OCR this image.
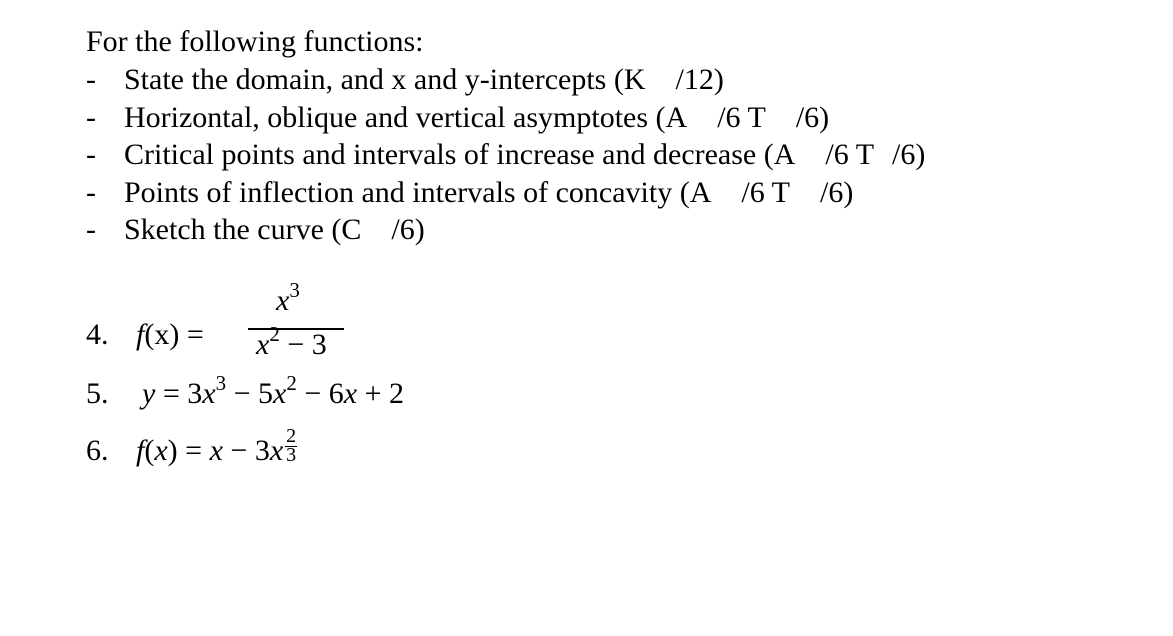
For the following functions:
- State the domain, and x and y-intercepts (K /12)
- Horizontal, oblique and vertical asymptotes (A /6 T /6)
- Critical points and intervals of increase and decrease (A /6 T /6)
- Points of inflection and intervals of concavity (A /6 T /6)
- Sketch the curve (C /6)
4. f(x) =
$x^3$
$x^2 - 3$
5. $y = 3x^3 - 5x^2 - 6x + 2$
6. $f(x) = x - 3x \frac{2}{3}$
